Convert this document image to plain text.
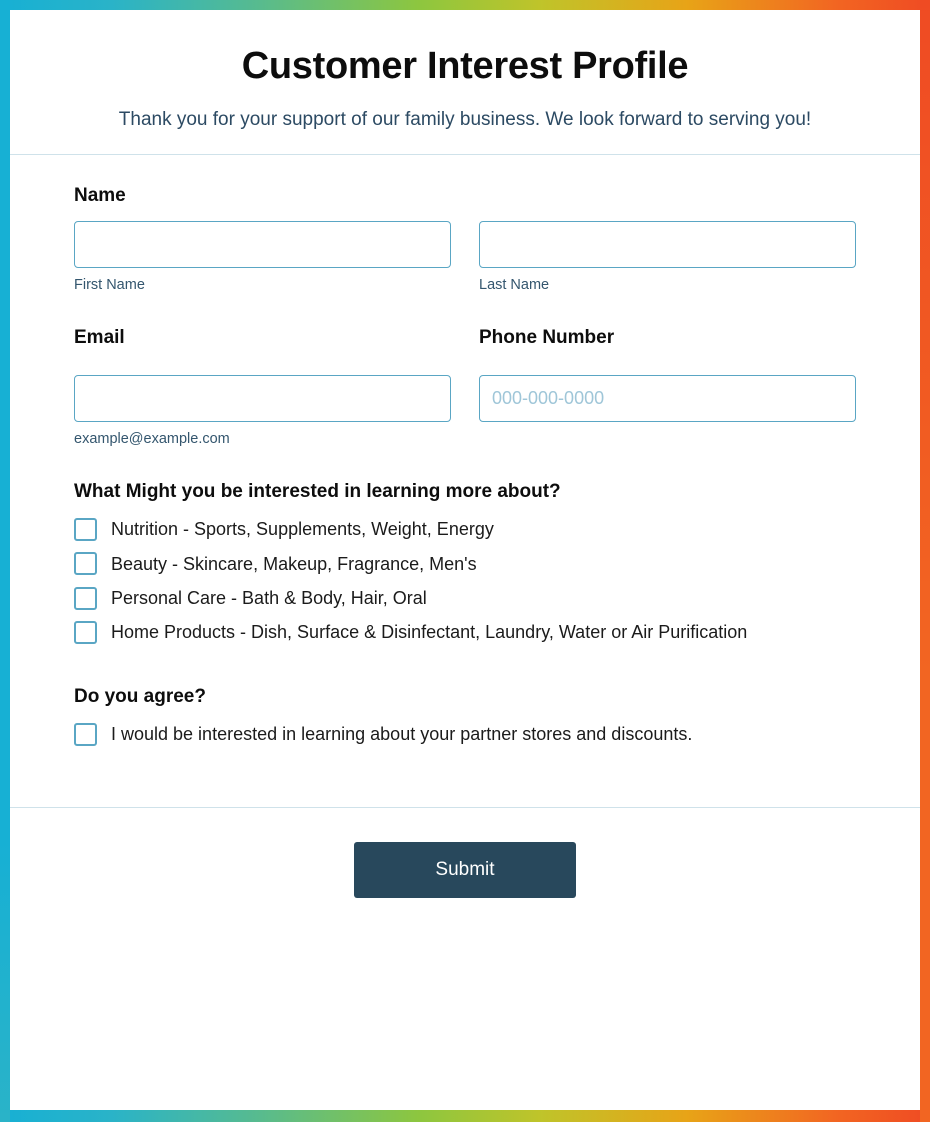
Customer Interest Profile

Thank you for your support of our family business. We look forward to serving you!

Name
First Name	Last Name
Email	Phone Number
example@example.com
000-000-0000

What Might you be interested in learning more about?

Nutrition - Sports, Supplements, Weight, Energy
Beauty - Skincare, Makeup, Fragrance, Men's
Personal Care - Bath & Body, Hair, Oral
Home Products - Dish, Surface & Disinfectant, Laundry, Water or Air Purification

Do you agree?

I would be interested in learning about your partner stores and discounts.
Submit
